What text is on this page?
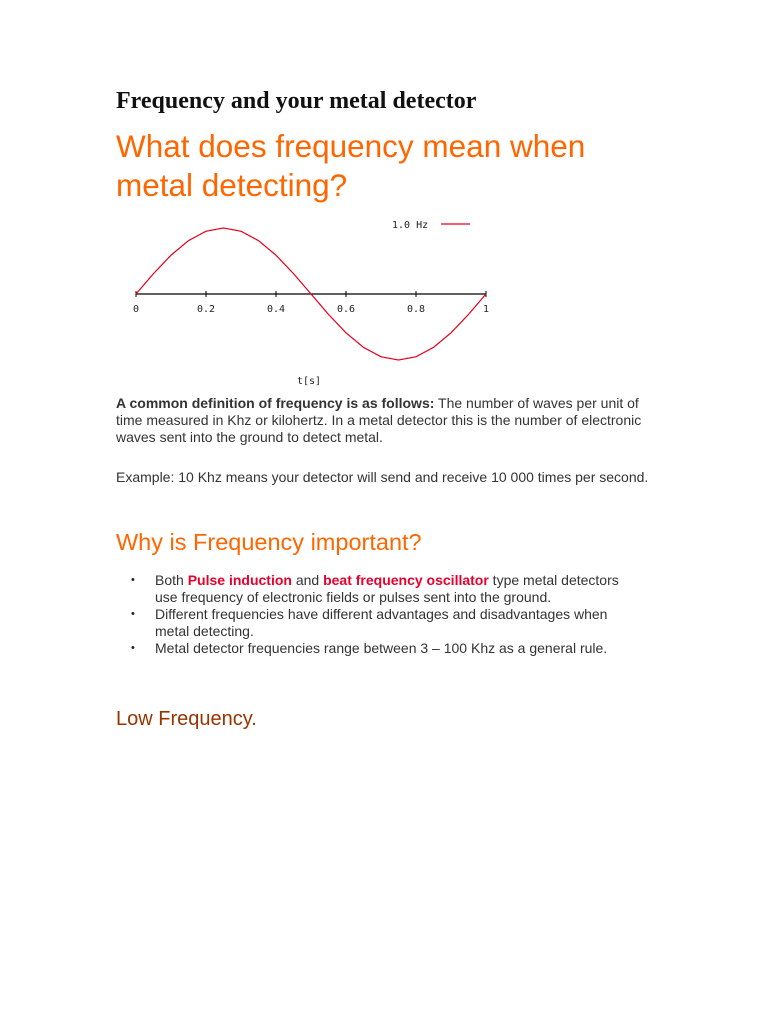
Frequency and your metal detector
What does frequency mean when metal detecting?
0	0.2	0.4	0.6	0.8	1
1.0 Hz
t[s]

A common definition of frequency is as follows: The number of waves per unit of time measured in Khz or kilohertz. In a metal detector this is the number of electronic waves sent into the ground to detect metal.

Example: 10 Khz means your detector will send and receive 10 000 times per second.

Why is Frequency important?
• Both Pulse induction and beat frequency oscillator type metal detectors use frequency of electronic fields or pulses sent into the ground.
• Different frequencies have different advantages and disadvantages when metal detecting.
• Metal detector frequencies range between 3 – 100 Khz as a general rule.
Low Frequency.
